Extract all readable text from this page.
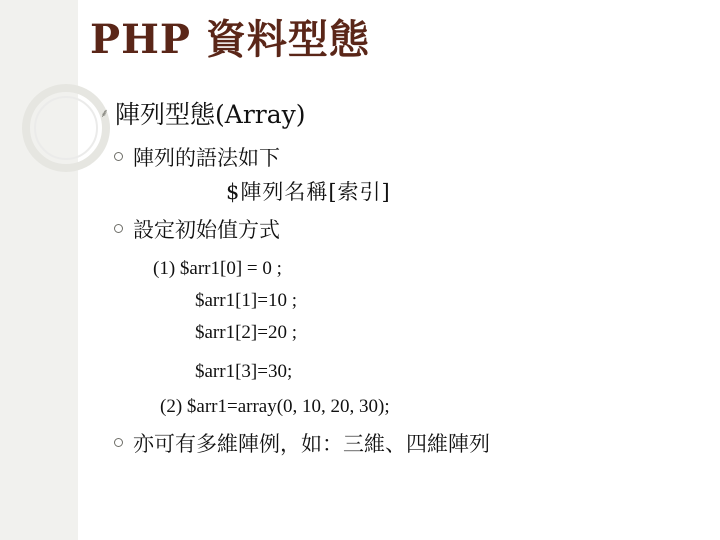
PHP 資料型態
⸙ 陣列型態(Array)
陣列的語法如下
$陣列名稱[索引]
設定初始值方式
(1) $arr1[0] = 0 ;
$arr1[1]=10 ;
$arr1[2]=20 ;
$arr1[3]=30;
(2) $arr1=array(0, 10, 20, 30);
亦可有多維陣例，如：三維、四維陣列
